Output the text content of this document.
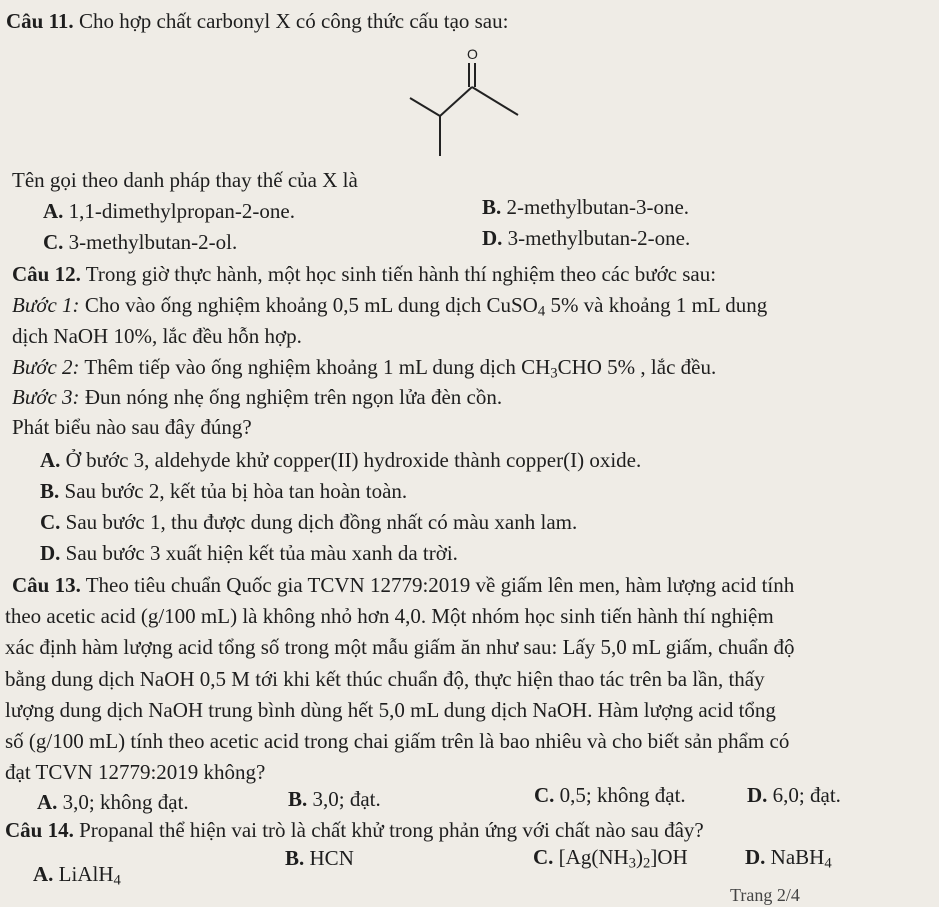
Câu 11. Cho hợp chất carbonyl X có công thức cấu tạo sau:
O
Tên gọi theo danh pháp thay thế của X là
A. 1,1-dimethylpropan-2-one.	B. 2-methylbutan-3-one.
C. 3-methylbutan-2-ol.	D. 3-methylbutan-2-one.
Câu 12. Trong giờ thực hành, một học sinh tiến hành thí nghiệm theo các bước sau:
Bước 1: Cho vào ống nghiệm khoảng 0,5 mL dung dịch CuSO$_4$ 5% và khoảng 1 mL dung
dịch NaOH 10%, lắc đều hỗn hợp.
Bước 2: Thêm tiếp vào ống nghiệm khoảng 1 mL dung dịch $CH_3CHO$ 5% , lắc đều.
Bước 3: Đun nóng nhẹ ống nghiệm trên ngọn lửa đèn cồn.
Phát biểu nào sau đây đúng?
A. Ở bước 3, aldehyde khử copper(II) hydroxide thành copper(I) oxide.
B. Sau bước 2, kết tủa bị hòa tan hoàn toàn.
C. Sau bước 1, thu được dung dịch đồng nhất có màu xanh lam.
D. Sau bước 3 xuất hiện kết tủa màu xanh da trời.
Câu 13. Theo tiêu chuẩn Quốc gia TCVN 12779:2019 về giấm lên men, hàm lượng acid tính
theo acetic acid (g/100 mL) là không nhỏ hơn 4,0. Một nhóm học sinh tiến hành thí nghiệm
xác định hàm lượng acid tổng số trong một mẫu giấm ăn như sau: Lấy 5,0 mL giấm, chuẩn độ
bằng dung dịch NaOH 0,5 M tới khi kết thúc chuẩn độ, thực hiện thao tác trên ba lần, thấy
lượng dung dịch NaOH trung bình dùng hết 5,0 mL dung dịch NaOH. Hàm lượng acid tổng
số (g/100 mL) tính theo acetic acid trong chai giấm trên là bao nhiêu và cho biết sản phẩm có
đạt TCVN 12779:2019 không?
A. 3,0; không đạt.	B. 3,0; đạt.	C. 0,5; không đạt.	D. 6,0; đạt.
Câu 14. Propanal thể hiện vai trò là chất khử trong phản ứng với chất nào sau đây?
A. LiAlH$_4$
B. HCN	C. $[Ag(NH_3)_2]OH$	D. NaBH$_4$
Trang 2/4
